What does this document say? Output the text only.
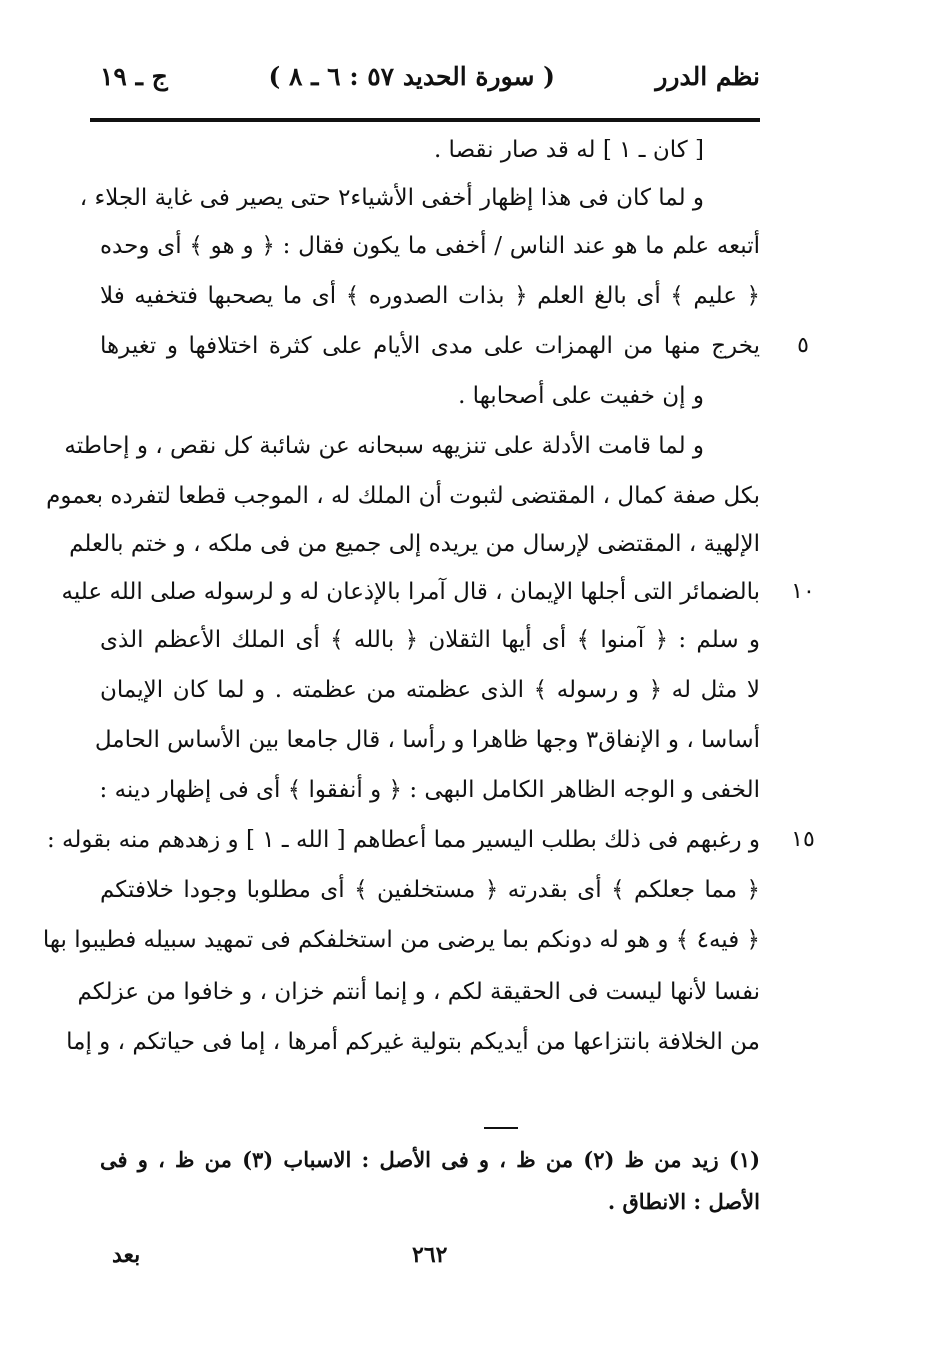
نظم الدرر
( سورة الحديد ٥٧ : ٦ ـ ٨ )
ج ـ ١٩
[ كان ـ ١ ] له قد صار نقصا .
و لما كان فى هذا إظهار أخفى الأشياء٢ حتى يصير فى غاية الجلاء ،
أتبعه علم ما هو عند الناس / أخفى ما يكون فقال : ﴿ و هو ﴾ أى وحده
﴿ عليم ﴾ أى بالغ العلم ﴿ بذات الصدوره ﴾ أى ما يصحبها فتخفيه فلا
يخرج منها من الهمزات على مدى الأيام على كثرة اختلافها و تغيرها	٥
و إن خفيت على أصحابها .
و لما قامت الأدلة على تنزيهه سبحانه عن شائبة كل نقص ، و إحاطته
بكل صفة كمال ، المقتضى لثبوت أن الملك له ، الموجب قطعا لتفرده بعموم
الإلهية ، المقتضى لإرسال من يريده إلى جميع من فى ملكه ، و ختم بالعلم
بالضمائر التى أجلها الإيمان ، قال آمرا بالإذعان له و لرسوله صلى الله عليه ١٠
و سلم : ﴿ آمنوا ﴾ أى أيها الثقلان ﴿ بالله ﴾ أى الملك الأعظم الذى
لا مثل له ﴿ و رسوله ﴾ الذى عظمته من عظمته . و لما كان الإيمان
أساسا ، و الإنفاق٣ وجها ظاهرا و رأسا ، قال جامعا بين الأساس الحامل
الخفى و الوجه الظاهر الكامل البهى : ﴿ و أنفقوا ﴾ أى فى إظهار دينه :
و رغبهم فى ذلك بطلب اليسير مما أعطاهم [ الله ـ ١ ] و زهدهم منه بقوله : ١٥
﴿ مما جعلكم ﴾ أى بقدرته ﴿ مستخلفين ﴾ أى مطلوبا وجودا خلافتكم
﴿ فيه٤ ﴾ و هو له دونكم بما يرضى من استخلفكم فى تمهيد سبيله فطيبوا بها
نفسا لأنها ليست فى الحقيقة لكم ، و إنما أنتم خزان ، و خافوا من عزلكم
من الخلافة بانتزاعها من أيديكم بتولية غيركم أمرها ، إما فى حياتكم ، و إما
(١) زيد من ظ (٢) من ظ ، و فى الأصل : الاسباب (٣) من ظ ، و فى
الأصل : الانطاق .
٢٦٢
بعد
